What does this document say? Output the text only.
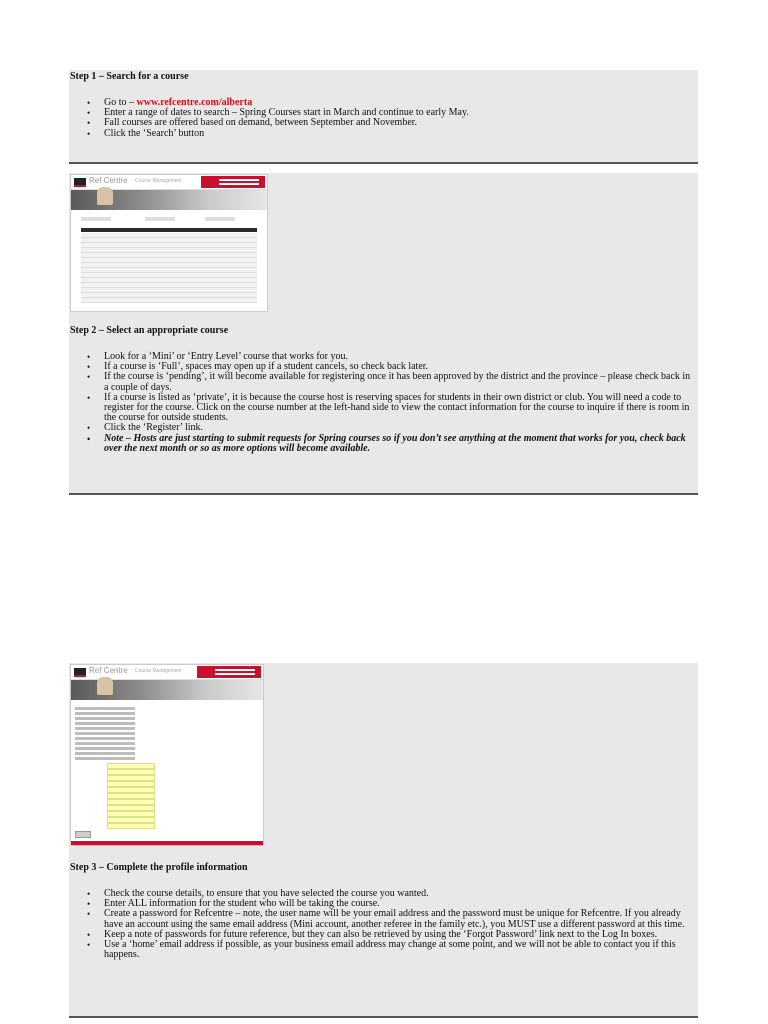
Step 1 – Search for a course
• Go to – www.refcentre.com/alberta
• Enter a range of dates to search – Spring Courses start in March and continue to early May.
• Fall courses are offered based on demand, between September and November.
• Click the ‘Search’ button
Ref Centre Course Management
Step 2 – Select an appropriate course
• Look for a ‘Mini’ or ‘Entry Level’ course that works for you.
• If a course is ‘Full’, spaces may open up if a student cancels, so check back later.
• If the course is ‘pending’, it will become available for registering once it has been approved by the district and the province – please check back in a couple of days.
• If a course is listed as ‘private’, it is because the course host is reserving spaces for students in their own district or club. You will need a code to register for the course. Click on the course number at the left-hand side to view the contact information for the course to inquire if there is room in the course for outside students.
• Click the ‘Register’ link.
• Note – Hosts are just starting to submit requests for Spring courses so if you don’t see anything at the moment that works for you, check back over the next month or so as more options will become available.
Ref Centre Course Management
Step 3 – Complete the profile information
• Check the course details, to ensure that you have selected the course you wanted.
• Enter ALL information for the student who will be taking the course.
• Create a password for Refcentre – note, the user name will be your email address and the password must be unique for Refcentre. If you already have an account using the same email address (Mini account, another referee in the family etc.), you MUST use a different password at this time.
• Keep a note of passwords for future reference, but they can also be retrieved by using the ‘Forgot Password’ link next to the Log In boxes.
• Use a ‘home’ email address if possible, as your business email address may change at some point, and we will not be able to contact you if this happens.
